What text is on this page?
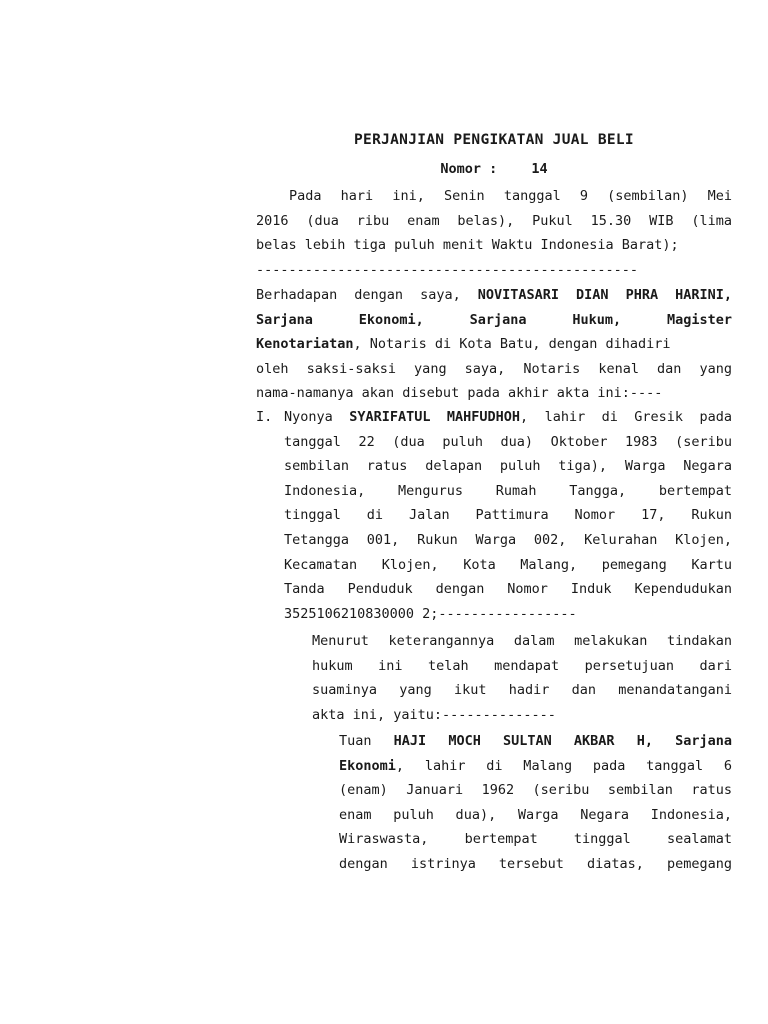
PERJANJIAN PENGIKATAN JUAL BELI
Nomor :	14
Pada hari ini, Senin tanggal 9 (sembilan) Mei
2016 (dua ribu enam belas), Pukul 15.30 WIB (lima
belas lebih tiga puluh menit Waktu Indonesia Barat);
-----------------------------------------------
Berhadapan dengan saya, NOVITASARI DIAN PHRA HARINI,
Sarjana	Ekonomi,	Sarjana	Hukum,	Magister
Kenotariatan, Notaris di Kota Batu, dengan dihadiri
oleh saksi-saksi yang saya, Notaris kenal dan yang
nama-namanya akan disebut pada akhir akta ini:----
I. Nyonya SYARIFATUL MAHFUDHOH, lahir di Gresik pada
tanggal 22 (dua puluh dua) Oktober 1983 (seribu
sembilan ratus delapan puluh tiga), Warga Negara
Indonesia, Mengurus Rumah Tangga, bertempat
tinggal di Jalan Pattimura Nomor 17, Rukun
Tetangga 001, Rukun Warga 002, Kelurahan Klojen,
Kecamatan Klojen, Kota Malang, pemegang Kartu
Tanda Penduduk dengan Nomor Induk Kependudukan
3525106210830000 2;-----------------
Menurut keterangannya dalam melakukan tindakan
hukum ini telah mendapat persetujuan dari
suaminya yang ikut hadir dan menandatangani
akta ini, yaitu:--------------
Tuan HAJI MOCH SULTAN AKBAR H, Sarjana
Ekonomi, lahir di Malang pada tanggal 6
(enam) Januari 1962 (seribu sembilan ratus
enam puluh dua), Warga Negara Indonesia,
Wiraswasta, bertempat tinggal sealamat
dengan istrinya tersebut diatas, pemegang
